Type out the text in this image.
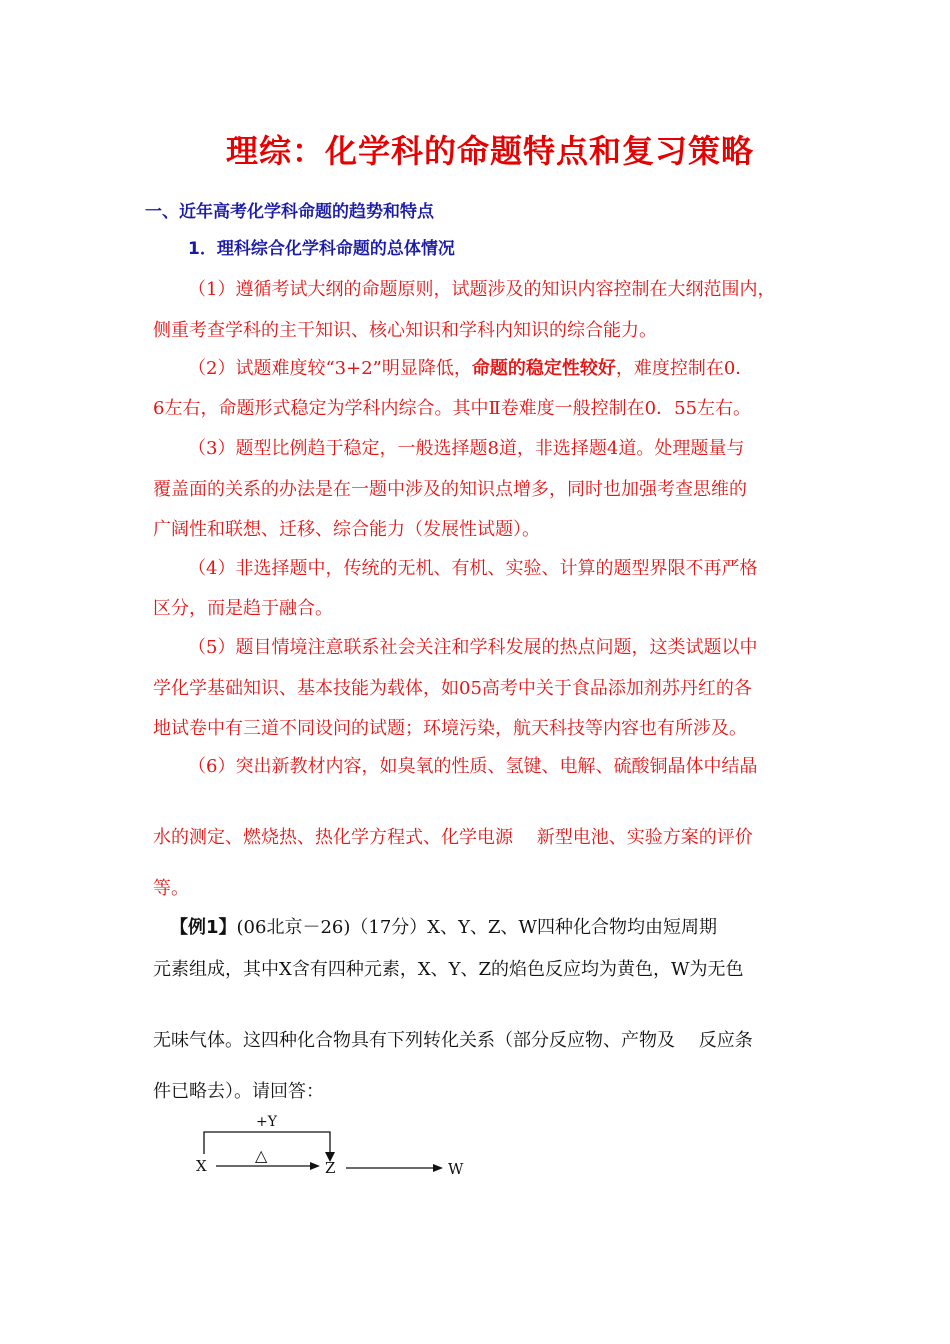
理综：化学科的命题特点和复习策略
一、近年高考化学科命题的趋势和特点
1．理科综合化学科命题的总体情况
（1）遵循考试大纲的命题原则，试题涉及的知识内容控制在大纲范围内，
侧重考查学科的主干知识、核心知识和学科内知识的综合能力。
（2）试题难度较“3+2”明显降低，命题的稳定性较好，难度控制在0．
6左右，命题形式稳定为学科内综合。其中Ⅱ卷难度一般控制在0．55左右。
（3）题型比例趋于稳定，一般选择题8道，非选择题4道。处理题量与
覆盖面的关系的办法是在一题中涉及的知识点增多，同时也加强考查思维的
广阔性和联想、迁移、综合能力（发展性试题）。
（4）非选择题中，传统的无机、有机、实验、计算的题型界限不再严格
区分，而是趋于融合。
（5）题目情境注意联系社会关注和学科发展的热点问题，这类试题以中
学化学基础知识、基本技能为载体，如05高考中关于食品添加剂苏丹红的各
地试卷中有三道不同设问的试题；环境污染，航天科技等内容也有所涉及。
（6）突出新教材内容，如臭氧的性质、氢键、电解、硫酸铜晶体中结晶
水的测定、燃烧热、热化学方程式、化学电源　 新型电池、实验方案的评价
等。
【例1】(06北京－26)（17分）X、Y、Z、W四种化合物均由短周期
元素组成，其中X含有四种元素，X、Y、Z的焰色反应均为黄色，W为无色
无味气体。这四种化合物具有下列转化关系（部分反应物、产物及　 反应条
件已略去）。请回答：
+Y
△
X	Z	W
